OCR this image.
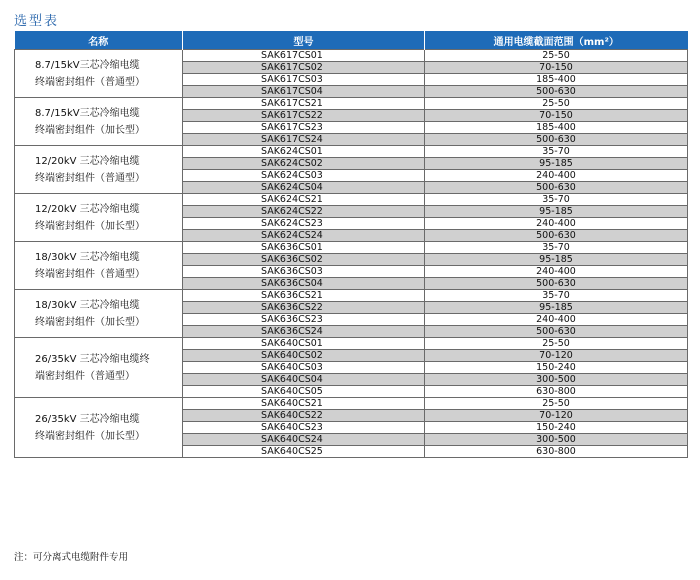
选型表
名称	型号	通用电缆截面范围（mm²）
8.7/15kV三芯冷缩电缆
终端密封组件（普通型）	SAK617CS01	25-50
	SAK617CS02	70-150
	SAK617CS03	185-400
	SAK617CS04	500-630
8.7/15kV三芯冷缩电缆
终端密封组件（加长型）	SAK617CS21	25-50
	SAK617CS22	70-150
	SAK617CS23	185-400
	SAK617CS24	500-630
12/20kV 三芯冷缩电缆
终端密封组件（普通型）	SAK624CS01	35-70
	SAK624CS02	95-185
	SAK624CS03	240-400
	SAK624CS04	500-630
12/20kV 三芯冷缩电缆
终端密封组件（加长型）	SAK624CS21	35-70
	SAK624CS22	95-185
	SAK624CS23	240-400
	SAK624CS24	500-630
18/30kV 三芯冷缩电缆
终端密封组件（普通型）	SAK636CS01	35-70
	SAK636CS02	95-185
	SAK636CS03	240-400
	SAK636CS04	500-630
18/30kV 三芯冷缩电缆
终端密封组件（加长型）	SAK636CS21	35-70
	SAK636CS22	95-185
	SAK636CS23	240-400
	SAK636CS24	500-630
26/35kV 三芯冷缩电缆终
端密封组件（普通型）	SAK640CS01	25-50
	SAK640CS02	70-120
	SAK640CS03	150-240
	SAK640CS04	300-500
	SAK640CS05	630-800
26/35kV 三芯冷缩电缆
终端密封组件（加长型）	SAK640CS21	25-50
	SAK640CS22	70-120
	SAK640CS23	150-240
	SAK640CS24	300-500
	SAK640CS25	630-800
注：可分离式电缆附件专用
